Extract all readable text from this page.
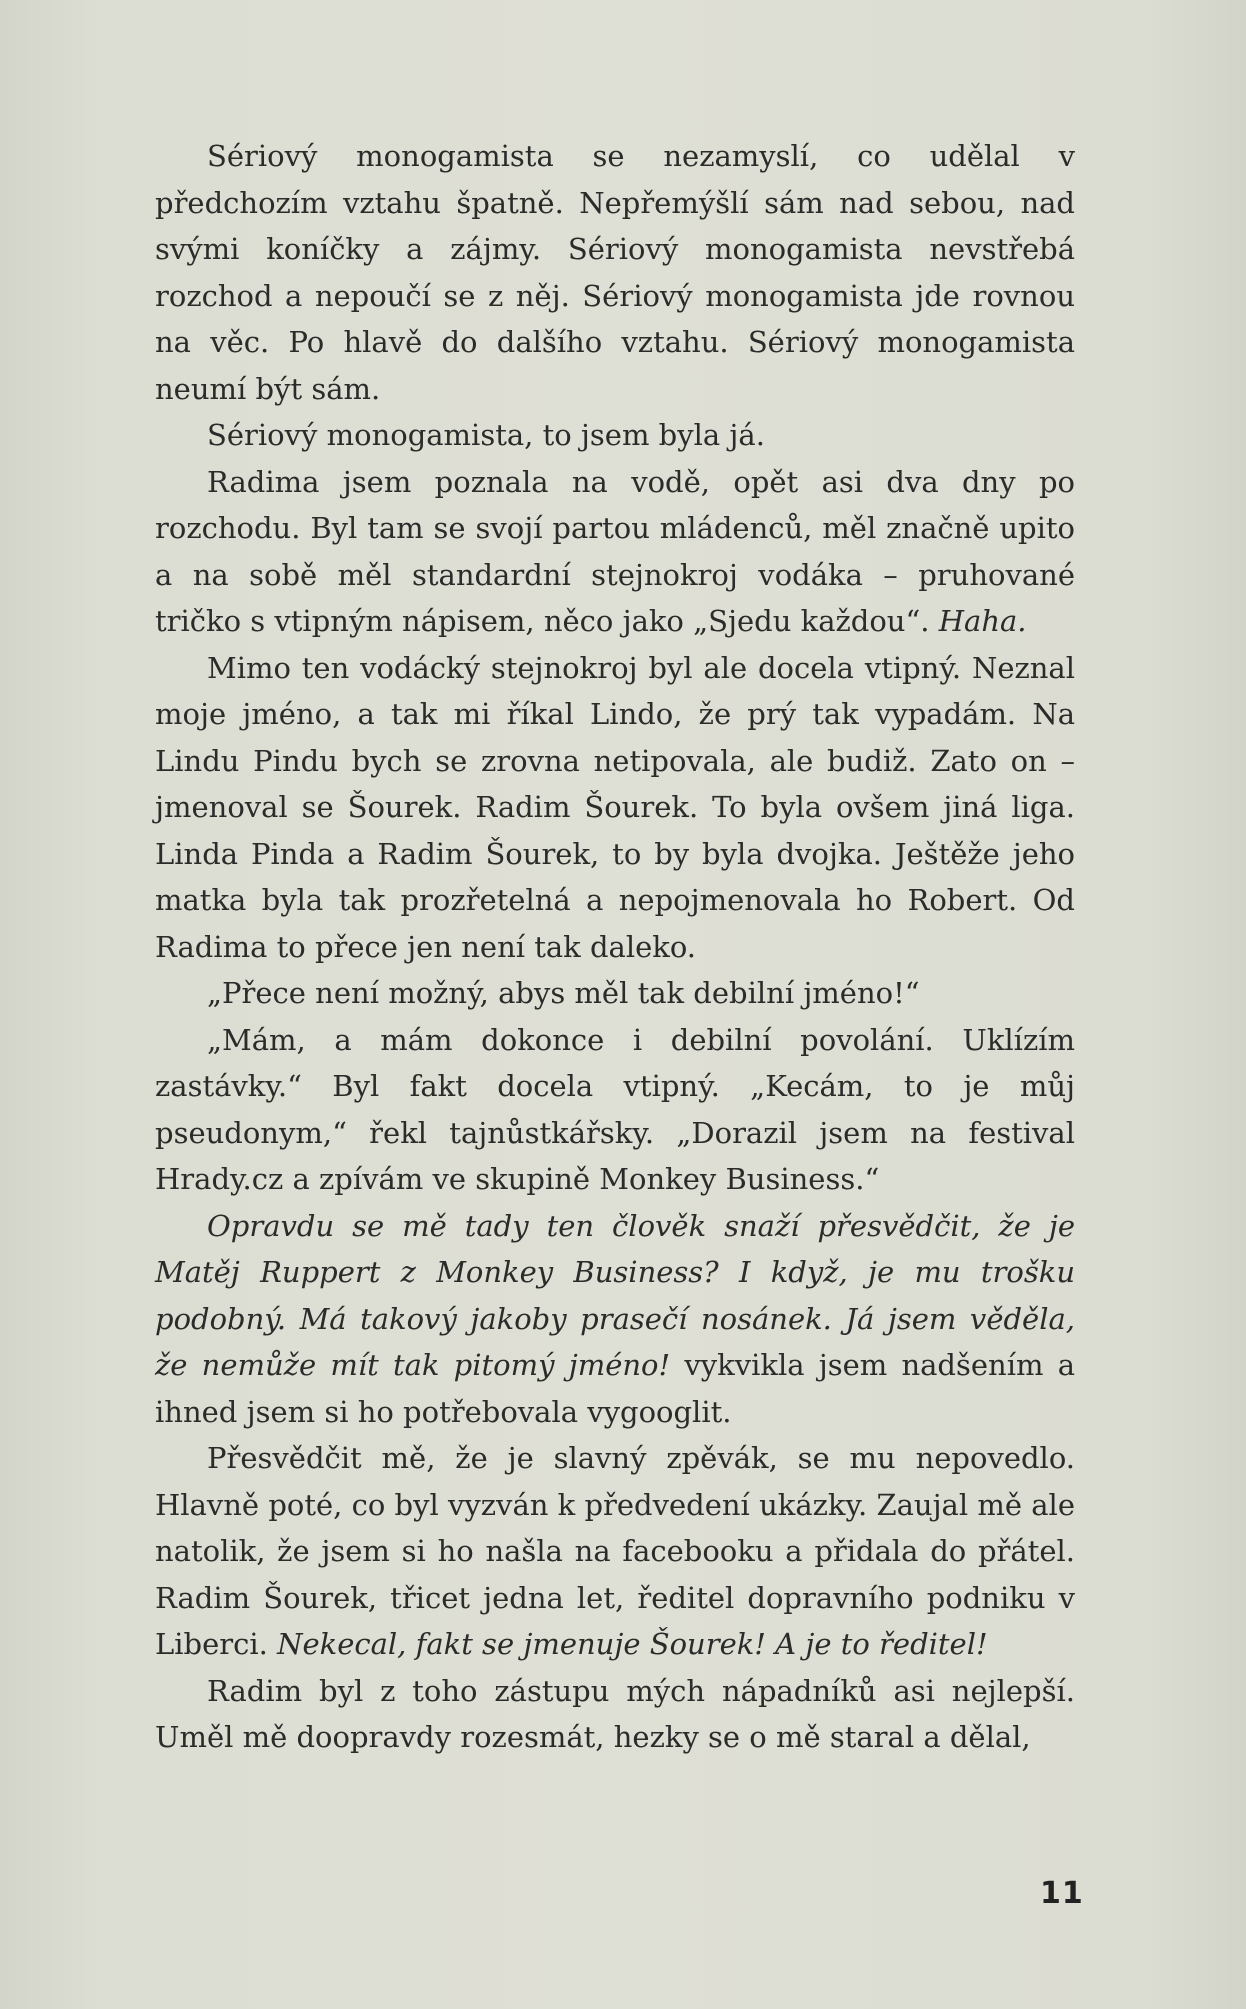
Sériový monogamista se nezamyslí, co udělal v předchozím vztahu špatně. Nepřemýšlí sám nad sebou, nad svými koníčky a zájmy. Sériový monogamista nevstřebá rozchod a nepoučí se z něj. Sériový monogamista jde rovnou na věc. Po hlavě do dalšího vztahu. Sériový monogamista neumí být sám.

Sériový monogamista, to jsem byla já.

Radima jsem poznala na vodě, opět asi dva dny po rozchodu. Byl tam se svojí partou mládenců, měl značně upito a na sobě měl standardní stejnokroj vodáka – pruhované tričko s vtipným nápisem, něco jako „Sjedu každou“. Haha.

Mimo ten vodácký stejnokroj byl ale docela vtipný. Neznal moje jméno, a tak mi říkal Lindo, že prý tak vypadám. Na Lindu Pindu bych se zrovna netipovala, ale budiž. Zato on – jmenoval se Šourek. Radim Šourek. To byla ovšem jiná liga. Linda Pinda a Radim Šourek, to by byla dvojka. Ještěže jeho matka byla tak prozřetelná a nepojmenovala ho Robert. Od Radima to přece jen není tak daleko.

„Přece není možný, abys měl tak debilní jméno!“

„Mám, a mám dokonce i debilní povolání. Uklízím zastávky.“ Byl fakt docela vtipný. „Kecám, to je můj pseudonym,“ řekl tajnůstkářsky. „Dorazil jsem na festival Hrady.cz a zpívám ve skupině Monkey Business.“

Opravdu se mě tady ten člověk snaží přesvědčit, že je Matěj Ruppert z Monkey Business? I když, je mu trošku podobný. Má takový jakoby prasečí nosánek. Já jsem věděla, že nemůže mít tak pitomý jméno! vykvikla jsem nadšením a ihned jsem si ho potřebovala vygooglit.

Přesvědčit mě, že je slavný zpěvák, se mu nepovedlo. Hlavně poté, co byl vyzván k předvedení ukázky. Zaujal mě ale natolik, že jsem si ho našla na facebooku a přidala do přátel. Radim Šourek, třicet jedna let, ředitel dopravního podniku v Liberci. Nekecal, fakt se jmenuje Šourek! A je to ředitel!

Radim byl z toho zástupu mých nápadníků asi nejlepší. Uměl mě doopravdy rozesmát, hezky se o mě staral a dělal,

11
